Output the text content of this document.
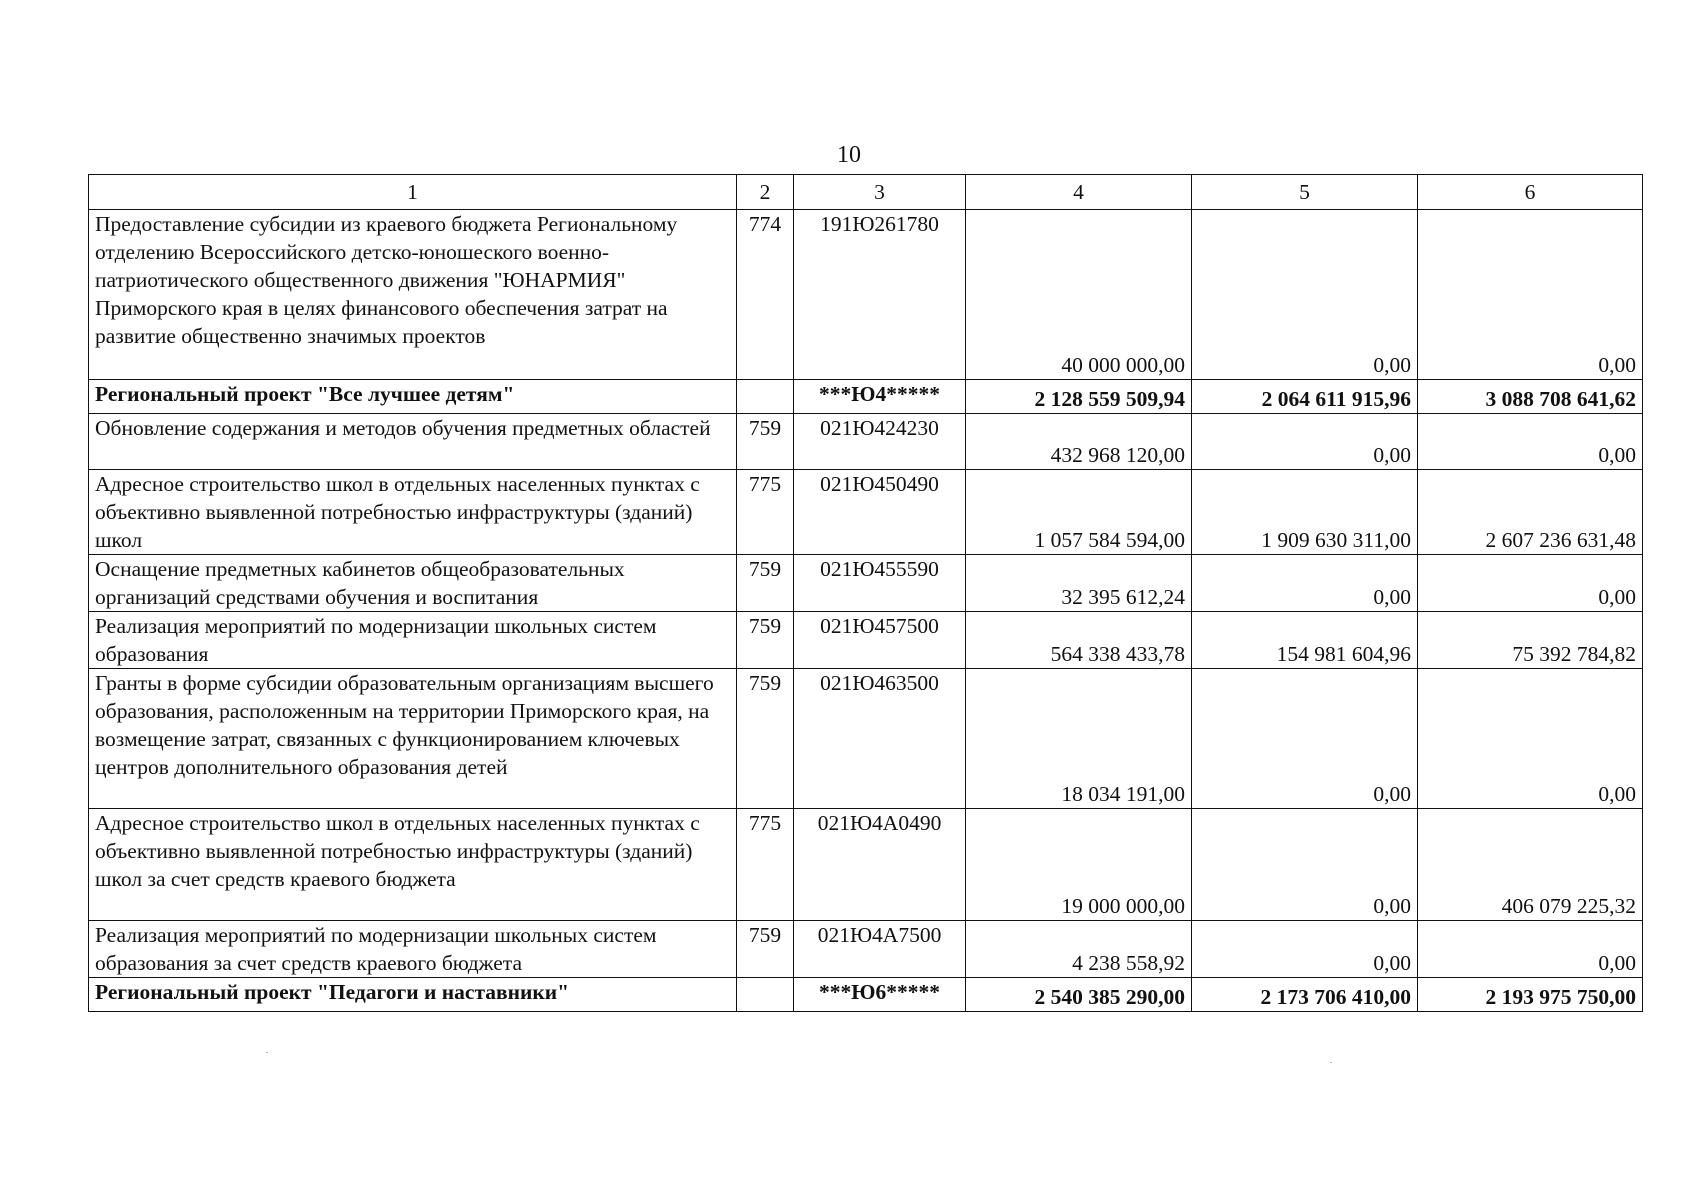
10
1	2	3	4	5	6
Предоставление субсидии из краевого бюджета Региональному отделению Всероссийского детско-юношеского военно-патриотического общественного движения "ЮНАРМИЯ" Приморского края в целях финансового обеспечения затрат на развитие общественно значимых проектов	774	191Ю261780	40 000 000,00	0,00	0,00
Региональный проект "Все лучшее детям"		***Ю4*****	2 128 559 509,94	2 064 611 915,96	3 088 708 641,62
Обновление содержания и методов обучения предметных областей	759	021Ю424230	432 968 120,00	0,00	0,00
Адресное строительство школ в отдельных населенных пунктах с объективно выявленной потребностью инфраструктуры (зданий) школ	775	021Ю450490	1 057 584 594,00	1 909 630 311,00	2 607 236 631,48
Оснащение предметных кабинетов общеобразовательных организаций средствами обучения и воспитания	759	021Ю455590	32 395 612,24	0,00	0,00
Реализация мероприятий по модернизации школьных систем образования	759	021Ю457500	564 338 433,78	154 981 604,96	75 392 784,82
Гранты в форме субсидии образовательным организациям высшего образования, расположенным на территории Приморского края, на возмещение затрат, связанных с функционированием ключевых центров дополнительного образования детей	759	021Ю463500	18 034 191,00	0,00	0,00
Адресное строительство школ в отдельных населенных пунктах с объективно выявленной потребностью инфраструктуры (зданий) школ за счет средств краевого бюджета	775	021Ю4А0490	19 000 000,00	0,00	406 079 225,32
Реализация мероприятий по модернизации школьных систем образования за счет средств краевого бюджета	759	021Ю4А7500	4 238 558,92	0,00	0,00
Региональный проект "Педагоги и наставники"		***Ю6*****	2 540 385 290,00	2 173 706 410,00	2 193 975 750,00
